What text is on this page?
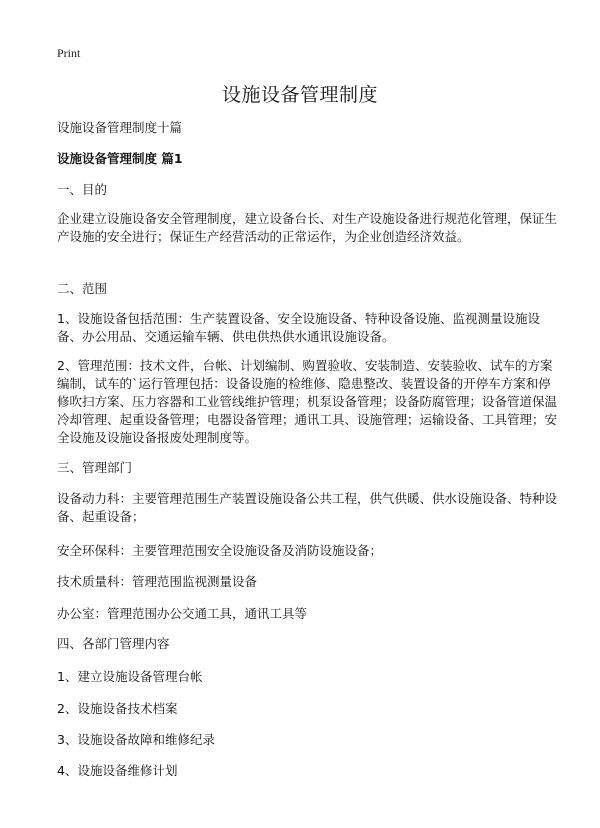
Print
设施设备管理制度

设施设备管理制度十篇

设施设备管理制度 篇1

一、目的

企业建立设施设备安全管理制度，建立设备台长、对生产设施设备进行规范化管理，保证生产设施的安全进行；保证生产经营活动的正常运作，为企业创造经济效益。

二、范围

1、设施设备包括范围：生产装置设备、安全设施设备、特种设备设施、监视测量设施设备、办公用品、交通运输车辆、供电供热供水通讯设施设备。

2、管理范围：技术文件，台帐、计划编制、购置验收、安装制造、安装验收、试车的方案编制，试车的`运行管理包括：设备设施的检维修、隐患整改、装置设备的开停车方案和停修吹扫方案、压力容器和工业管线维护管理；机泵设备管理；设备防腐管理；设备管道保温冷却管理、起重设备管理；电器设备管理；通讯工具、设施管理；运输设备、工具管理；安全设施及设施设备报废处理制度等。

三、管理部门

设备动力科：主要管理范围生产装置设施设备公共工程，供气供暖、供水设施设备、特种设备、起重设备；

安全环保科：主要管理范围安全设施设备及消防设施设备；

技术质量科：管理范围监视测量设备

办公室：管理范围办公交通工具，通讯工具等

四、各部门管理内容

1、建立设施设备管理台帐

2、设施设备技术档案

3、设施设备故障和维修纪录

4、设施设备维修计划
